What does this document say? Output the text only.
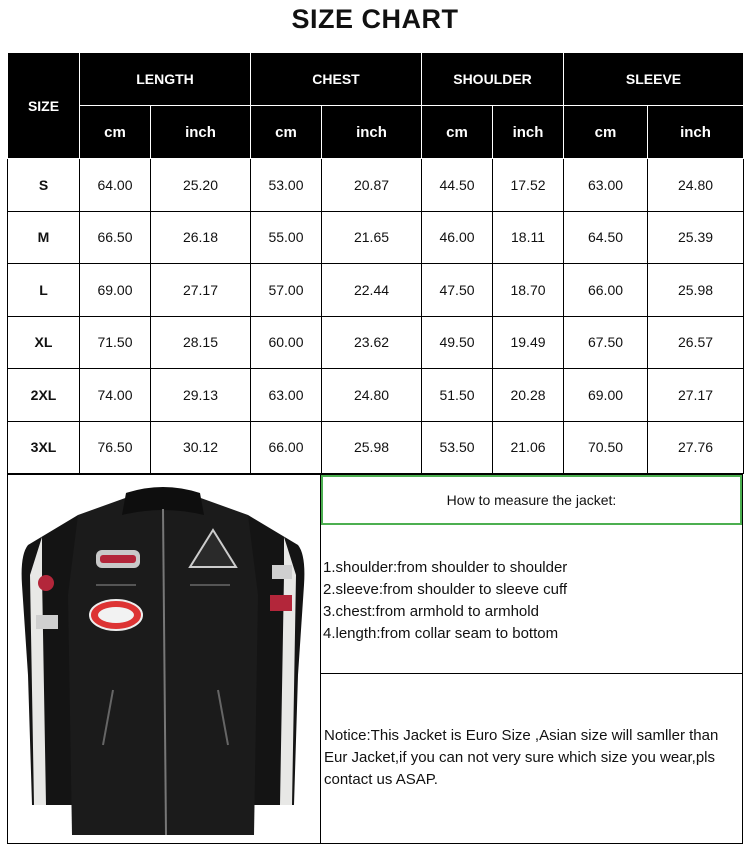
SIZE CHART
SIZE	LENGTH		CHEST		SHOULDER		SLEEVE	
	cm	inch	cm	inch	cm	inch	cm	inch
S	64.00	25.20	53.00	20.87	44.50	17.52	63.00	24.80
M	66.50	26.18	55.00	21.65	46.00	18.11	64.50	25.39
L	69.00	27.17	57.00	22.44	47.50	18.70	66.00	25.98
XL	71.50	28.15	60.00	23.62	49.50	19.49	67.50	26.57
2XL	74.00	29.13	63.00	24.80	51.50	20.28	69.00	27.17
3XL	76.50	30.12	66.00	25.98	53.50	21.06	70.50	27.76
How to measure the jacket:
1.shoulder:from shoulder to shoulder
2.sleeve:from shoulder to sleeve cuff
3.chest:from armhold to armhold
4.length:from collar seam to bottom
Notice:This Jacket is Euro Size ,Asian size will samller than Eur Jacket,if you can not very sure which size you wear,pls contact us ASAP.
